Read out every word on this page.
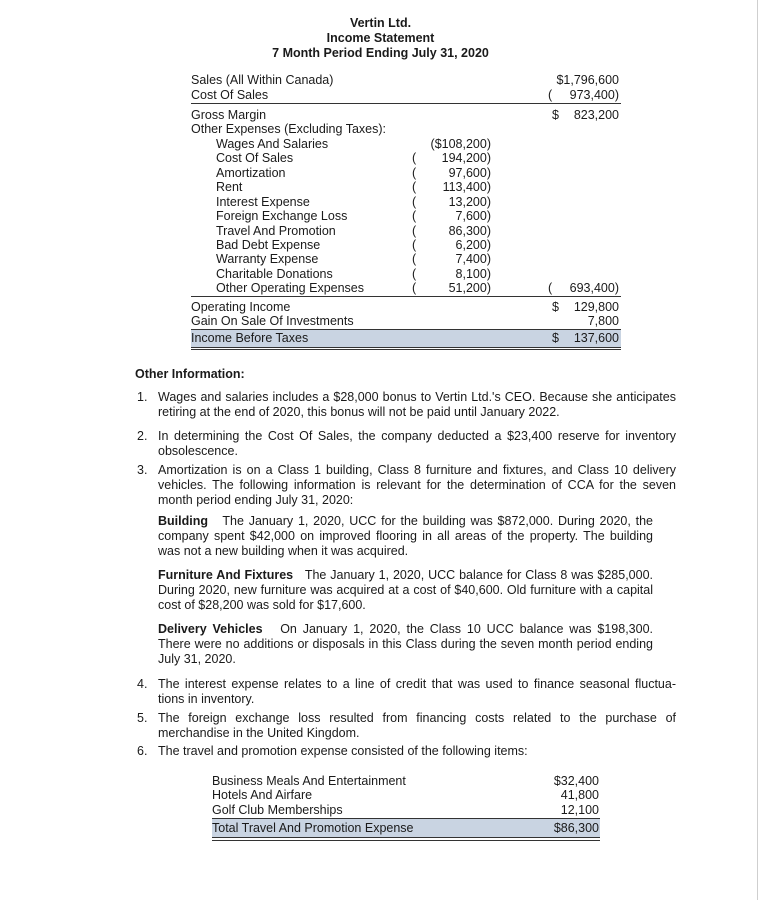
Vertin Ltd.
Income Statement
7 Month Period Ending July 31, 2020
Sales (All Within Canada)	$1,796,600
Cost Of Sales	( 973,400)
Gross Margin	$ 823,200
Other Expenses (Excluding Taxes):
Wages And Salaries	($108,200)
Cost Of Sales	( 194,200)
Amortization	(	97,600)
Rent	( 113,400)
Interest Expense	(	13,200)
Foreign Exchange Loss	(	7,600)
Travel And Promotion	(	86,300)
Bad Debt Expense	(	6,200)
Warranty Expense	(	7,400)
Charitable Donations	(	8,100)
Other Operating Expenses	(	51,200)	( 693,400)
Operating Income	$ 129,800
Gain On Sale Of Investments	7,800
Income Before Taxes	$ 137,600
Other Information:
1. Wages and salaries includes a $28,000 bonus to Vertin Ltd.'s CEO. Because she anticipates retiring at the end of 2020, this bonus will not be paid until January 2022.
2. In determining the Cost Of Sales, the company deducted a $23,400 reserve for inventory obsolescence.
3. Amortization is on a Class 1 building, Class 8 furniture and fixtures, and Class 10 delivery vehicles. The following information is relevant for the determination of CCA for the seven month period ending July 31, 2020:
Building The January 1, 2020, UCC for the building was $872,000. During 2020, the company spent $42,000 on improved flooring in all areas of the property. The building was not a new building when it was acquired.
Furniture And Fixtures The January 1, 2020, UCC balance for Class 8 was $285,000. During 2020, new furniture was acquired at a cost of $40,600. Old furniture with a capital cost of $28,200 was sold for $17,600.
Delivery Vehicles On January 1, 2020, the Class 10 UCC balance was $198,300. There were no additions or disposals in this Class during the seven month period ending July 31, 2020.
4. The interest expense relates to a line of credit that was used to finance seasonal fluctua- tions in inventory.
5. The foreign exchange loss resulted from financing costs related to the purchase of merchandise in the United Kingdom.
6. The travel and promotion expense consisted of the following items:
Business Meals And Entertainment	$32,400
Hotels And Airfare	41,800
Golf Club Memberships	12,100
Total Travel And Promotion Expense	$86,300
